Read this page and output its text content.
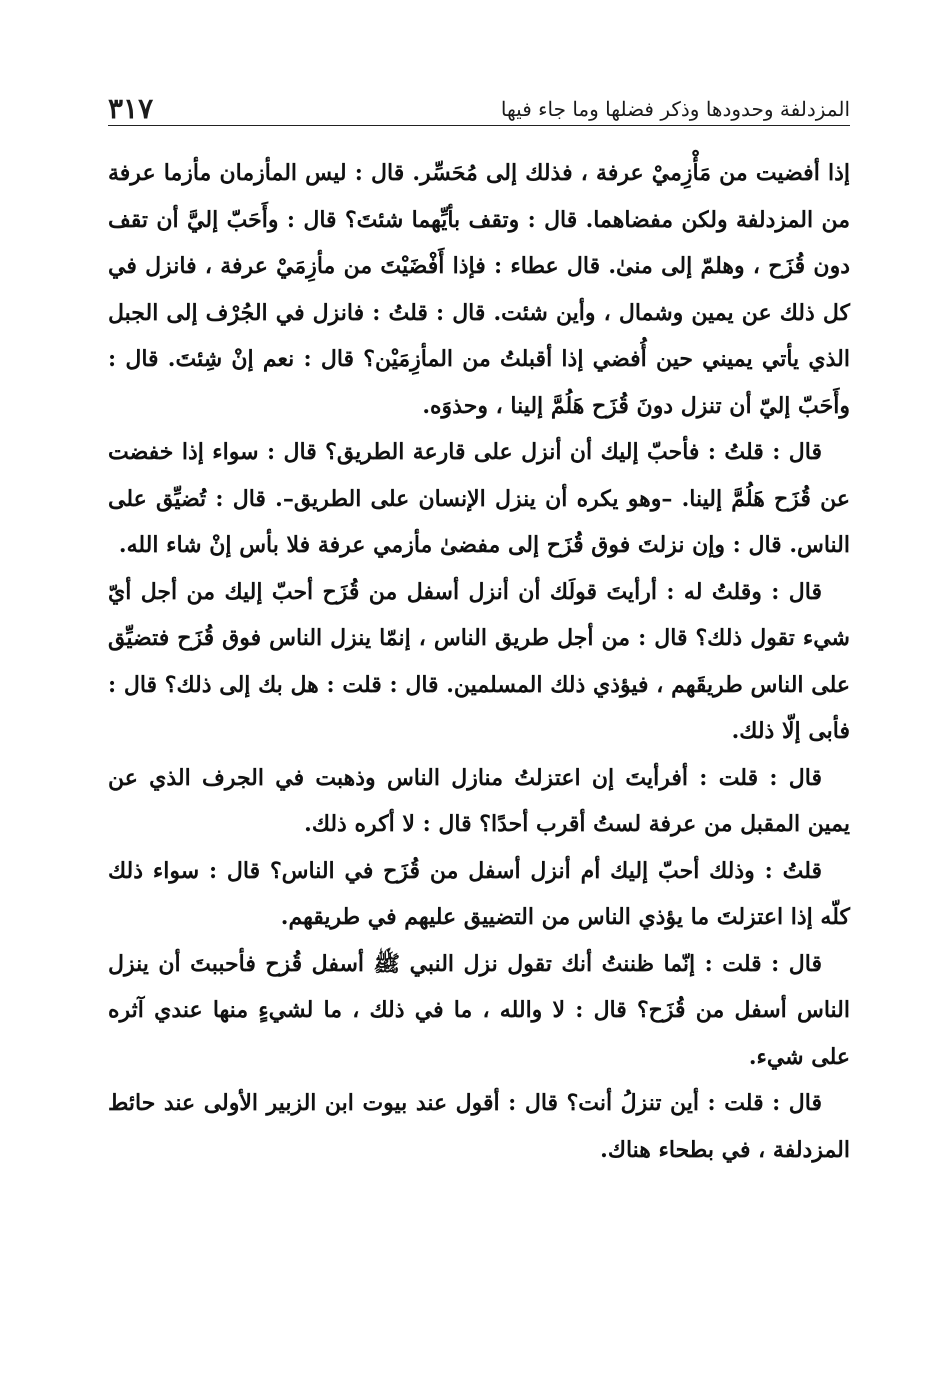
المزدلفة وحدودها وذكر فضلها وما جاء فيها
٣١٧

إذا أفضيت من مَأْزِميْ عرفة ، فذلك إلى مُحَسِّر. قال : ليس المأزمان مأزما عرفة من المزدلفة ولكن مفضاهما. قال : وتقف بأيِّهما شئتَ؟ قال : وأَحَبّ إليَّ أن تقف دون قُزَح ، وهلمّ إلى منىٰ. قال عطاء : فإذا أَفْضَيْتَ من مأزِمَيْ عرفة ، فانزل في كل ذلك عن يمين وشمال ، وأين شئت. قال : قلتُ : فانزل في الجُرْف إلى الجبل الذي يأتي يميني حين أُفضي إذا أقبلتُ من المأزِمَيْن؟ قال : نعم إنْ شِئتَ. قال : وأَحَبّ إليّ أن تنزل دونَ قُزَح هَلُمَّ إلينا ، وحذوَه.

قال : قلتُ : فأحبّ إليك أن أنزل على قارعة الطريق؟ قال : سواء إذا خفضت عن قُزَح هَلُمَّ إلينا. –وهو يكره أن ينزل الإنسان على الطريق–. قال : تُضيِّق على الناس. قال : وإن نزلتَ فوق قُزَح إلى مفضىٰ مأزمي عرفة فلا بأس إنْ شاء الله.

قال : وقلتُ له : أرأيتَ قولَك أن أنزل أسفل من قُزَح أحبّ إليك من أجل أيّ شيء تقول ذلك؟ قال : من أجل طريق الناس ، إنمّا ينزل الناس فوق قُزَح فتضيِّق على الناس طريقَهم ، فيؤذي ذلك المسلمين. قال : قلت : هل بك إلى ذلك؟ قال : فأبى إلّا ذلك.

قال : قلت : أفرأيتَ إن اعتزلتُ منازل الناس وذهبت في الجرف الذي عن يمين المقبل من عرفة لستُ أقرب أحدًا؟ قال : لا أكره ذلك.

قلتُ : وذلك أحبّ إليك أم أنزل أسفل من قُزَح في الناس؟ قال : سواء ذلك كلّه إذا اعتزلتَ ما يؤذي الناس من التضييق عليهم في طريقهم.

قال : قلت : إنّما ظننتُ أنك تقول نزل النبي ﷺ أسفل قُزح فأحببتَ أن ينزل الناس أسفل من قُزَح؟ قال : لا والله ، ما في ذلك ، ما لشيءٍ منها عندي آثره على شيء.

قال : قلت : أين تنزلُ أنت؟ قال : أقول عند بيوت ابن الزبير الأولى عند حائط المزدلفة ، في بطحاء هناك.
